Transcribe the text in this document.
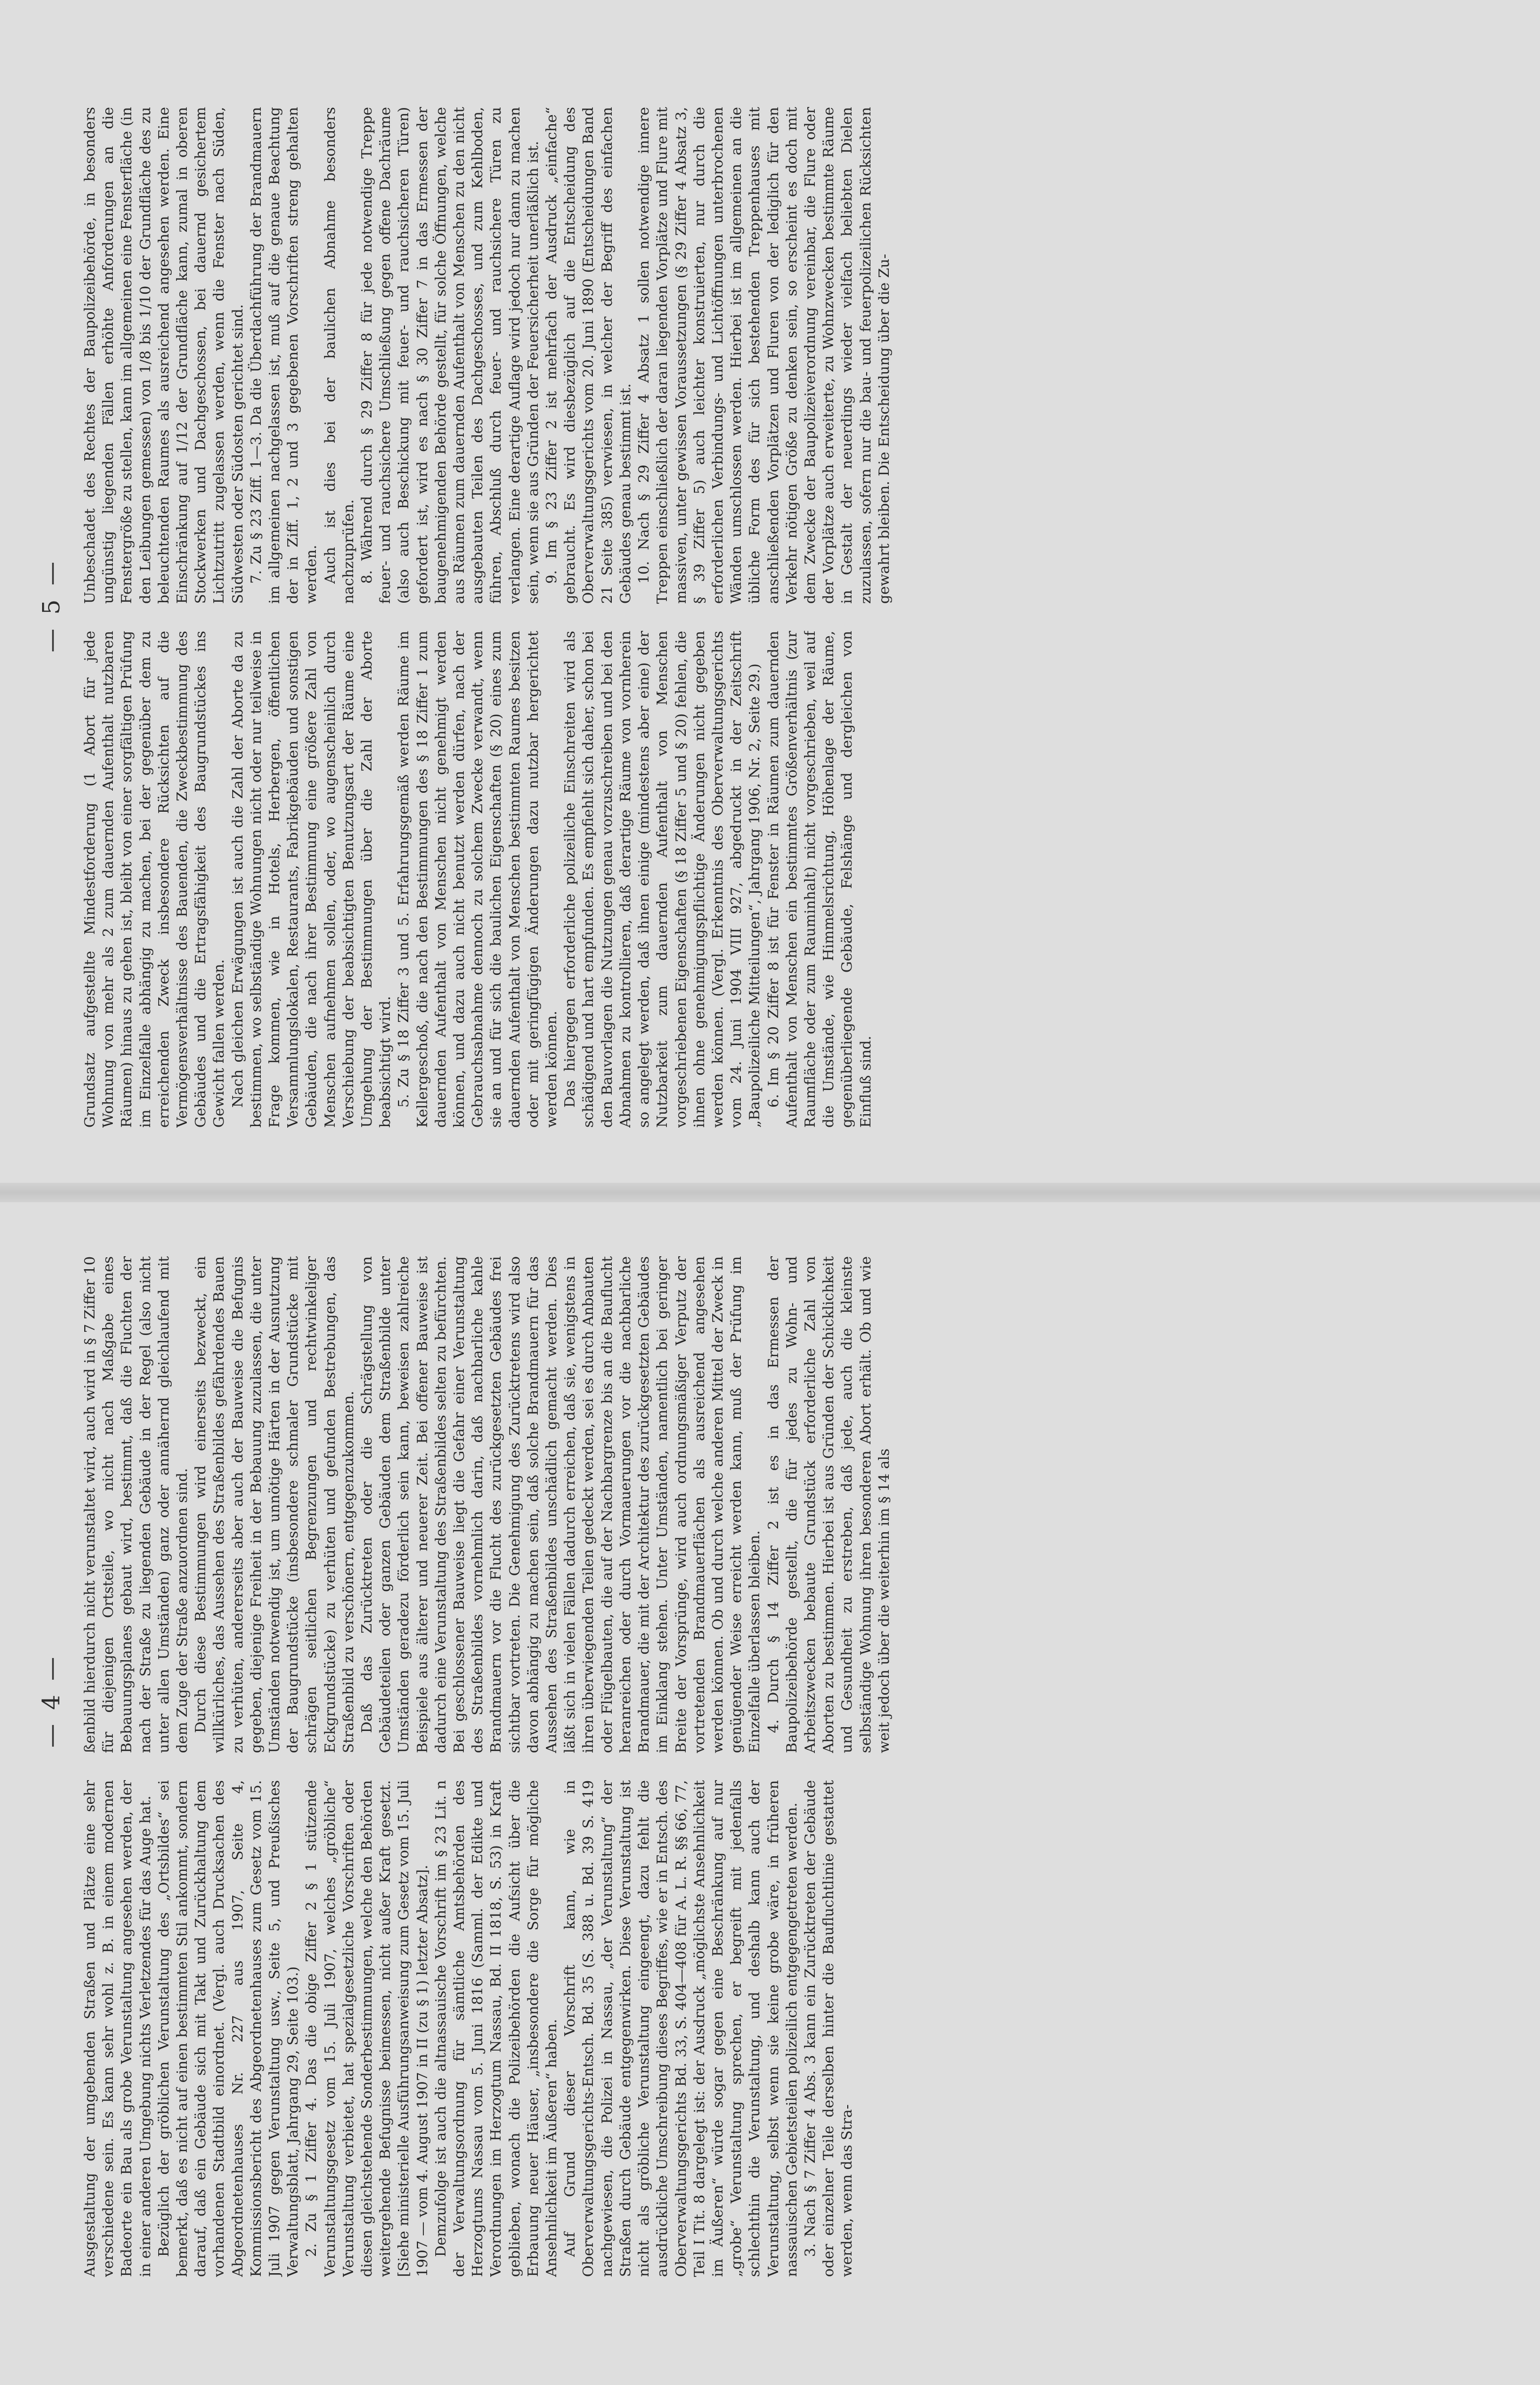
— 4 —

Ausgestaltung der umgebenden Straßen und Plätze eine sehr verschiedene sein. Es kann sehr wohl z. B. in einem modernen Badeorte ein Bau als grobe Verunstaltung angesehen werden, der in einer anderen Umgebung nichts Verletzendes für das Auge hat. Bezüglich der gröblichen Verunstaltung des „Ortsbildes“ sei bemerkt, daß es nicht auf einen bestimmten Stil ankommt, sondern darauf, daß ein Gebäude sich mit Takt und Zurückhaltung dem vorhandenen Stadtbild einordnet. (Vergl. auch Drucksachen des Abgeordnetenhauses Nr. 227 aus 1907, Seite 4, Kommissionsbericht des Abgeordnetenhauses zum Gesetz vom 15. Juli 1907 gegen Verunstaltung usw., Seite 5, und Preußisches Verwaltungsblatt, Jahrgang 29, Seite 103.) 2. Zu § 1 Ziffer 4. Das die obige Ziffer 2 § 1 stützende Verunstaltungsgesetz vom 15. Juli 1907, welches „gröbliche“ Verunstaltung verbietet, hat spezialgesetzliche Vorschriften oder diesen gleichstehende Sonderbestimmungen, welche den Behörden weitergehende Befugnisse beimessen, nicht außer Kraft gesetzt. [Siehe ministerielle Ausführungsanweisung zum Gesetz vom 15. Juli 1907 — vom 4. August 1907 in II (zu § 1) letzter Absatz]. Demzufolge ist auch die altnassauische Vorschrift im § 23 Lit. n der Verwaltungsordnung für sämtliche Amtsbehörden des Herzogtums Nassau vom 5. Juni 1816 (Samml. der Edikte und Verordnungen im Herzogtum Nassau, Bd. II 1818, S. 53) in Kraft geblieben, wonach die Polizeibehörden die Aufsicht über die Erbauung neuer Häuser, „insbesondere die Sorge für mögliche Ansehnlichkeit im Äußeren“ haben. Auf Grund dieser Vorschrift kann, wie in Oberverwaltungsgerichts-Entsch. Bd. 35 (S. 388 u. Bd. 39 S. 419 nachgewiesen, die Polizei in Nassau, „der Verunstaltung“ der Straßen durch Gebäude entgegenwirken. Diese Verunstaltung ist nicht als gröbliche Verunstaltung eingeengt, dazu fehlt die ausdrückliche Umschreibung dieses Begriffes, wie er in Entsch. des Oberverwaltungsgerichts Bd. 33, S. 404—408 für A. L. R. §§ 66, 77, Teil I Tit. 8 dargelegt ist: der Ausdruck „möglichste Ansehnlichkeit im Äußeren“ würde sogar gegen eine Beschränkung auf nur „grobe“ Verunstaltung sprechen, er begreift mit jedenfalls schlechthin die Verunstaltung, und deshalb kann auch der Verunstaltung, selbst wenn sie keine grobe wäre, in früheren nassauischen Gebietsteilen polizeilich entgegengetreten werden. 3. Nach § 7 Ziffer 4 Abs. 3 kann ein Zurücktreten der Gebäude oder einzelner Teile derselben hinter die Baufluchtlinie gestattet werden, wenn das Stra-

ßenbild hierdurch nicht verunstaltet wird, auch wird in § 7 Ziffer 10 für diejenigen Ortsteile, wo nicht nach Maßgabe eines Bebauungsplanes gebaut wird, bestimmt, daß die Fluchten der nach der Straße zu liegenden Gebäude in der Regel (also nicht unter allen Umständen) ganz oder annähernd gleichlaufend mit dem Zuge der Straße anzuordnen sind. Durch diese Bestimmungen wird einerseits bezweckt, ein willkürliches, das Aussehen des Straßenbildes gefährdendes Bauen zu verhüten, andererseits aber auch der Bauweise die Befugnis gegeben, diejenige Freiheit in der Bebauung zuzulassen, die unter Umständen notwendig ist, um unnötige Härten in der Ausnutzung der Baugrundstücke (insbesondere schmaler Grundstücke mit schrägen seitlichen Begrenzungen und rechtwinkeliger Eckgrundstücke) zu verhüten und gefunden Bestrebungen, das Straßenbild zu verschönern, entgegenzukommen. Daß das Zurücktreten oder die Schrägstellung von Gebäudeteilen oder ganzen Gebäuden dem Straßenbilde unter Umständen geradezu förderlich sein kann, beweisen zahlreiche Beispiele aus älterer und neuerer Zeit. Bei offener Bauweise ist dadurch eine Verunstaltung des Straßenbildes selten zu befürchten. Bei geschlossener Bauweise liegt die Gefahr einer Verunstaltung des Straßenbildes vornehmlich darin, daß nachbarliche kahle Brandmauern vor die Flucht des zurückgesetzten Gebäudes frei sichtbar vortreten. Die Genehmigung des Zurücktretens wird also davon abhängig zu machen sein, daß solche Brandmauern für das Aussehen des Straßenbildes unschädlich gemacht werden. Dies läßt sich in vielen Fällen dadurch erreichen, daß sie, wenigstens in ihren überwiegenden Teilen gedeckt werden, sei es durch Anbauten oder Flügelbauten, die auf der Nachbargrenze bis an die Bauflucht heranreichen oder durch Vormauerungen vor die nachbarliche Brandmauer, die mit der Architektur des zurückgesetzten Gebäudes im Einklang stehen. Unter Umständen, namentlich bei geringer Breite der Vorsprünge, wird auch ordnungsmäßiger Verputz der vortretenden Brandmauerflächen als ausreichend angesehen werden können. Ob und durch welche anderen Mittel der Zweck in genügender Weise erreicht werden kann, muß der Prüfung im Einzelfalle überlassen bleiben. 4. Durch § 14 Ziffer 2 ist es in das Ermessen der Baupolizeibehörde gestellt, die für jedes zu Wohn- und Arbeitszwecken bebaute Grundstück erforderliche Zahl von Aborten zu bestimmen. Hierbei ist aus Gründen der Schicklichkeit und Gesundheit zu erstreben, daß jede, auch die kleinste selbständige Wohnung ihren besonderen Abort erhält. Ob und wie weit jedoch über die weiterhin im § 14 als

— 5 —

Grundsatz aufgestellte Mindestforderung (1 Abort für jede Wohnung von mehr als 2 zum dauernden Aufenthalt nutzbaren Räumen) hinaus zu gehen ist, bleibt von einer sorgfältigen Prüfung im Einzelfalle abhängig zu machen, bei der gegenüber dem zu erreichenden Zweck insbesondere Rücksichten auf die Vermögensverhältnisse des Bauenden, die Zweckbestimmung des Gebäudes und die Ertragsfähigkeit des Baugrundstückes ins Gewicht fallen werden. Nach gleichen Erwägungen ist auch die Zahl der Aborte da zu bestimmen, wo selbständige Wohnungen nicht oder nur teilweise in Frage kommen, wie in Hotels, Herbergen, öffentlichen Versammlungslokalen, Restaurants, Fabrikgebäuden und sonstigen Gebäuden, die nach ihrer Bestimmung eine größere Zahl von Menschen aufnehmen sollen, oder, wo augenscheinlich durch Verschiebung der beabsichtigten Benutzungsart der Räume eine Umgehung der Bestimmungen über die Zahl der Aborte beabsichtigt wird. 5. Zu § 18 Ziffer 3 und 5. Erfahrungsgemäß werden Räume im Kellergeschoß, die nach den Bestimmungen des § 18 Ziffer 1 zum dauernden Aufenthalt von Menschen nicht genehmigt werden können, und dazu auch nicht benutzt werden dürfen, nach der Gebrauchsabnahme dennoch zu solchem Zwecke verwandt, wenn sie an und für sich die baulichen Eigenschaften (§ 20) eines zum dauernden Aufenthalt von Menschen bestimmten Raumes besitzen oder mit geringfügigen Änderungen dazu nutzbar hergerichtet werden können. Das hiergegen erforderliche polizeiliche Einschreiten wird als schädigend und hart empfunden. Es empfiehlt sich daher, schon bei den Bauvorlagen die Nutzungen genau vorzuschreiben und bei den Abnahmen zu kontrollieren, daß derartige Räume von vornherein so angelegt werden, daß ihnen einige (mindestens aber eine) der Nutzbarkeit zum dauernden Aufenthalt von Menschen vorgeschriebenen Eigenschaften (§ 18 Ziffer 5 und § 20) fehlen, die ihnen ohne genehmigungspflichtige Änderungen nicht gegeben werden können. (Vergl. Erkenntnis des Oberverwaltungsgerichts vom 24. Juni 1904 VIII 927, abgedruckt in der Zeitschrift „Baupolizeiliche Mitteilungen“, Jahrgang 1906, Nr. 2, Seite 29.) 6. Im § 20 Ziffer 8 ist für Fenster in Räumen zum dauernden Aufenthalt von Menschen ein bestimmtes Größenverhältnis (zur Raumfläche oder zum Rauminhalt) nicht vorgeschrieben, weil auf die Umstände, wie Himmelsrichtung, Höhenlage der Räume, gegenüberliegende Gebäude, Felshänge und dergleichen von Einfluß sind.

Unbeschadet des Rechtes der Baupolizeibehörde, in besonders ungünstig liegenden Fällen erhöhte Anforderungen an die Fenstergröße zu stellen, kann im allgemeinen eine Fensterfläche (in den Leibungen gemessen) von 1/8 bis 1/10 der Grundfläche des zu beleuchtenden Raumes als ausreichend angesehen werden. Eine Einschränkung auf 1/12 der Grundfläche kann, zumal in oberen Stockwerken und Dachgeschossen, bei dauernd gesichertem Lichtzutritt zugelassen werden, wenn die Fenster nach Süden, Südwesten oder Südosten gerichtet sind. 7. Zu § 23 Ziff. 1—3. Da die Überdachführung der Brandmauern im allgemeinen nachgelassen ist, muß auf die genaue Beachtung der in Ziff. 1, 2 und 3 gegebenen Vorschriften streng gehalten werden. Auch ist dies bei der baulichen Abnahme besonders nachzuprüfen. 8. Während durch § 29 Ziffer 8 für jede notwendige Treppe feuer- und rauchsichere Umschließung gegen offene Dachräume (also auch Beschickung mit feuer- und rauchsicheren Türen) gefordert ist, wird es nach § 30 Ziffer 7 in das Ermessen der baugenehmigenden Behörde gestellt, für solche Öffnungen, welche aus Räumen zum dauernden Aufenthalt von Menschen zu den nicht ausgebauten Teilen des Dachgeschosses, und zum Kehlboden, führen, Abschluß durch feuer- und rauchsichere Türen zu verlangen. Eine derartige Auflage wird jedoch nur dann zu machen sein, wenn sie aus Gründen der Feuersicherheit unerläßlich ist. 9. Im § 23 Ziffer 2 ist mehrfach der Ausdruck „einfache“ gebraucht. Es wird diesbezüglich auf die Entscheidung des Oberverwaltungsgerichts vom 20. Juni 1890 (Entscheidungen Band 21 Seite 385) verwiesen, in welcher der Begriff des einfachen Gebäudes genau bestimmt ist. 10. Nach § 29 Ziffer 4 Absatz 1 sollen notwendige innere Treppen einschließlich der daran liegenden Vorplätze und Flure mit massiven, unter gewissen Voraussetzungen (§ 29 Ziffer 4 Absatz 3, § 39 Ziffer 5) auch leichter konstruierten, nur durch die erforderlichen Verbindungs- und Lichtöffnungen unterbrochenen Wänden umschlossen werden. Hierbei ist im allgemeinen an die übliche Form des für sich bestehenden Treppenhauses mit anschließenden Vorplätzen und Fluren von der lediglich für den Verkehr nötigen Größe zu denken sein, so erscheint es doch mit dem Zwecke der Baupolizeiverordnung vereinbar, die Flure oder der Vorplätze auch erweiterte, zu Wohnzwecken bestimmte Räume in Gestalt der neuerdings wieder vielfach beliebten Dielen zuzulassen, sofern nur die bau- und feuerpolizeilichen Rücksichten gewahrt bleiben. Die Entscheidung über die Zu-
